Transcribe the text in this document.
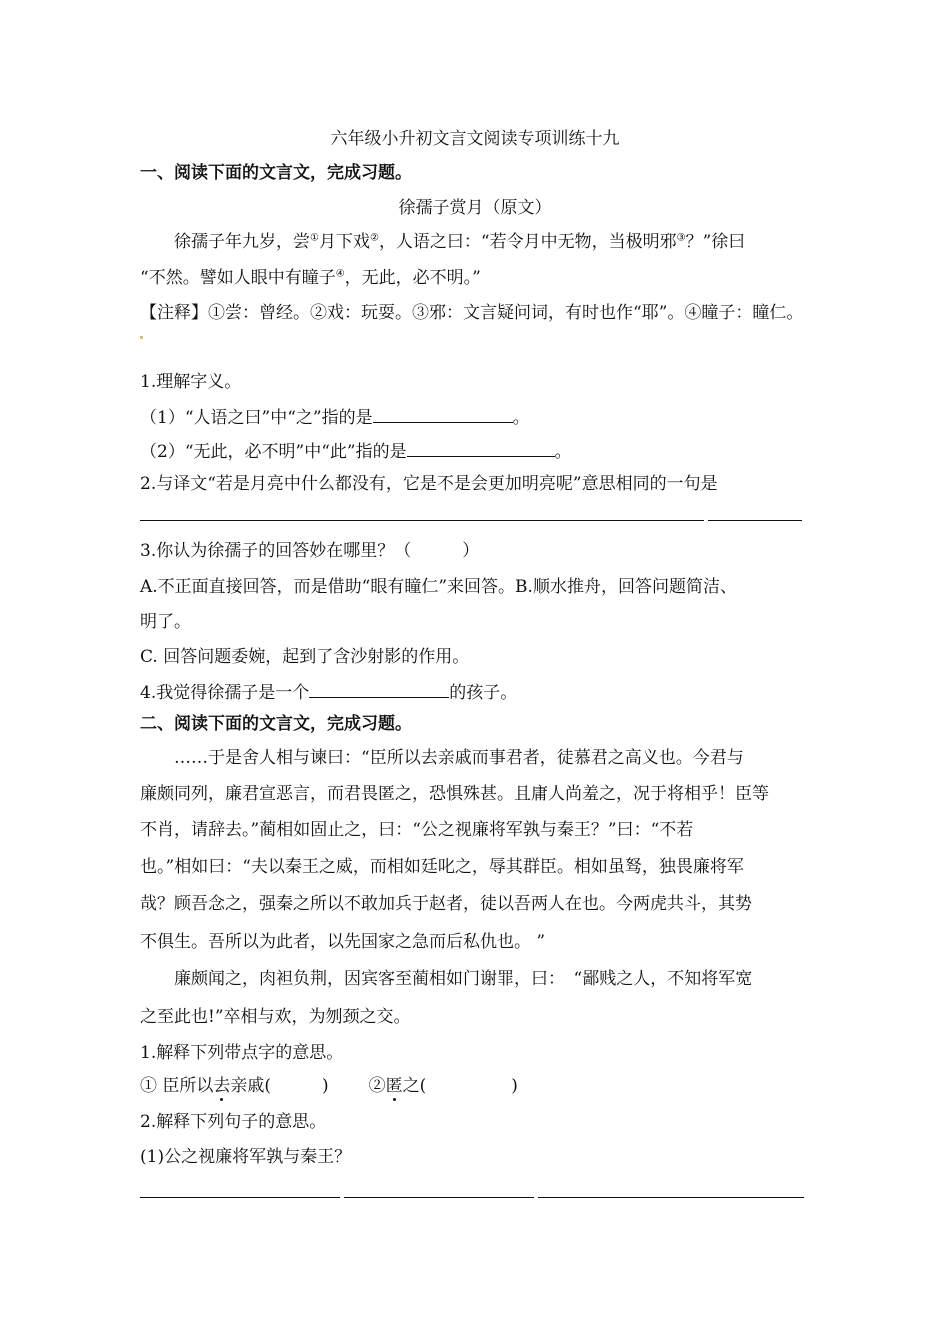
六年级小升初文言文阅读专项训练十九
一、阅读下面的文言文，完成习题。
徐孺子赏月（原文）
徐孺子年九岁，尝①月下戏②，人语之曰：“若令月中无物，当极明邪③？”徐曰
“不然。譬如人眼中有瞳子④，无此，必不明。”
【注释】①尝：曾经。②戏：玩耍。③邪：文言疑问词，有时也作“耶”。④瞳子：瞳仁。
1.理解字义。
（1）“人语之曰”中“之”指的是	。
（2）“无此，必不明”中“此”指的是	。
2.与译文“若是月亮中什么都没有，它是不是会更加明亮呢”意思相同的一句是
3.你认为徐孺子的回答妙在哪里？（　　　）
A.不正面直接回答，而是借助“眼有瞳仁”来回答。B.顺水推舟，回答问题简洁、
明了。
C. 回答问题委婉，起到了含沙射影的作用。
4.我觉得徐孺子是一个	的孩子。
二、阅读下面的文言文，完成习题。
……于是舍人相与谏曰：“臣所以去亲戚而事君者，徒慕君之高义也。今君与
廉颇同列，廉君宣恶言，而君畏匿之，恐惧殊甚。且庸人尚羞之，况于将相乎！臣等
不肖，请辞去。”蔺相如固止之，曰：“公之视廉将军孰与秦王？”曰：“不若
也。”相如曰：“夫以秦王之威，而相如廷叱之，辱其群臣。相如虽驽，独畏廉将军
哉？顾吾念之，强秦之所以不敢加兵于赵者，徒以吾两人在也。今两虎共斗，其势
不俱生。吾所以为此者，以先国家之急而后私仇也。 ”
廉颇闻之，肉袒负荆，因宾客至蔺相如门谢罪，曰：　“鄙贱之人，不知将军宽
之至此也!”卒相与欢，为刎颈之交。
1.解释下列带点字的意思。
① 臣所以去亲戚(　　　) ②匿之(　　　　　)
2.解释下列句子的意思。
(1)公之视廉将军孰与秦王？
